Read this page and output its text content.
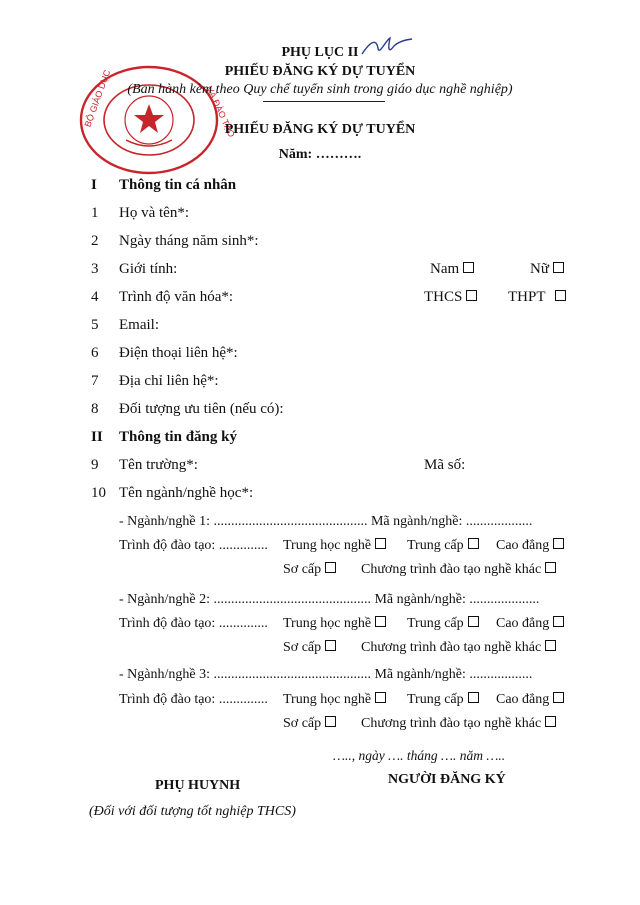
BỘ GIÁO DỤC	VÀ ĐÀO TẠO
PHỤ LỤC II
PHIẾU ĐĂNG KÝ DỰ TUYỂN
(Ban hành kèm theo Quy chế tuyển sinh trong giáo dục nghề nghiệp)
PHIẾU ĐĂNG KÝ DỰ TUYỂN
Năm: ……….
I Thông tin cá nhân
1 Họ và tên*:
2 Ngày tháng năm sinh*:
3 Giới tính:	Nam	Nữ
4 Trình độ văn hóa*:	THCS	THPT
5 Email:
6 Điện thoại liên hệ*:
7 Địa chỉ liên hệ*:
8 Đối tượng ưu tiên (nếu có):
II Thông tin đăng ký
9 Tên trường*:	Mã số:
10 Tên ngành/nghề học*:
- Ngành/nghề 1: ............................................ Mã ngành/nghề: ...................
Trình độ đào tạo: .............. Trung học nghề	Trung cấp	Cao đẳng
Sơ cấp	Chương trình đào tạo nghề khác
- Ngành/nghề 2: ............................................. Mã ngành/nghề: ....................
Trình độ đào tạo: .............. Trung học nghề	Trung cấp	Cao đẳng
Sơ cấp	Chương trình đào tạo nghề khác
- Ngành/nghề 3: ............................................. Mã ngành/nghề: ..................
Trình độ đào tạo: .............. Trung học nghề	Trung cấp	Cao đẳng
Sơ cấp	Chương trình đào tạo nghề khác
….., ngày …. tháng …. năm …..
PHỤ HUYNH	NGƯỜI ĐĂNG KÝ
(Đối với đối tượng tốt nghiệp THCS)
